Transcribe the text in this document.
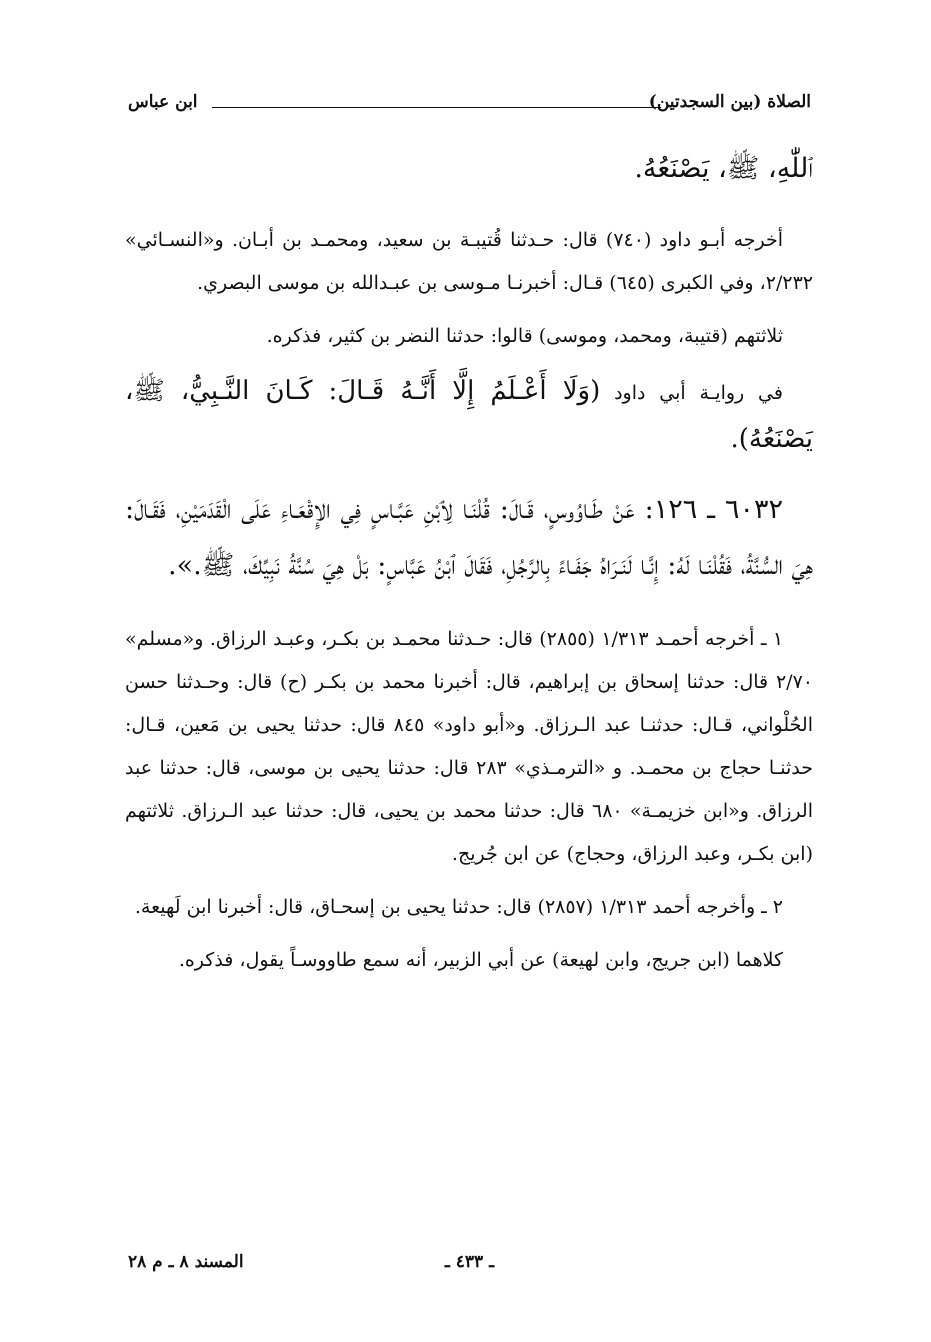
الصلاة (بين السجدتين)
ابن عباس

ٱللّٰهِ، ﷺ، يَصْنَعُهُ.

أخرجه أبـو داود (٧٤٠) قال: حـدثنا قُتيبـة بن سعيد، ومحمـد بن أبـان. و«النسـائي» ٢/٢٣٢، وفي الكبرى (٦٤٥) قـال: أخبرنـا مـوسى بن عبـدالله بن موسى البصري.

ثلاثتهم (قتيبة، ومحمد، وموسى) قالوا: حدثنا النضر بن كثير، فذكره.

في روايـة أبي داود (وَلَا أَعْـلَمُ إِلَّا أَنَّـهُ قَـالَ: كَـانَ النَّـبِيُّ، ﷺ، يَصْنَعُهُ).

٦٠٣٢ ـ ١٢٦: عَنْ طَـاوُوسٍ، قَـالَ: قُلْنَـا لِٱبْنِ عَبَّـاسٍ فِي الإِقْعَـاءِ عَلَى الْقَدَمَيْنِ، فَقَـالَ: هِيَ السُّنَّةُ، فَقُلْنَـا لَهُ: إِنَّـا لَنَـرَاهُ جَفَـاءً بِالرَّجُلِ، فَقَالَ ٱبْنُ عَبَّاسٍ: بَلْ هِيَ سُنَّةُ نَبِيِّكَ، ﷺ.».

١ ـ أخرجه أحمـد ١/٣١٣ (٢٨٥٥) قال: حـدثنا محمـد بن بكـر، وعبـد الرزاق. و«مسلم» ٢/٧٠ قال: حدثنا إسحاق بن إبراهيم، قال: أخبرنا محمد بن بكـر (ح) قال: وحـدثنا حسن الحُلْواني، قـال: حدثنـا عبد الـرزاق. و«أبو داود» ٨٤٥ قال: حدثنا يحيى بن مَعين، قـال: حدثنـا حجاج بن محمـد. و «الترمـذي» ٢٨٣ قال: حدثنا يحيى بن موسى، قال: حدثنا عبد الرزاق. و«ابن خزيمـة» ٦٨٠ قال: حدثنا محمد بن يحيى، قال: حدثنا عبد الـرزاق. ثلاثتهم (ابن بكـر، وعبد الرزاق، وحجاج) عن ابن جُريج.

٢ ـ وأخرجه أحمد ١/٣١٣ (٢٨٥٧) قال: حدثنا يحيى بن إسحـاق، قال: أخبرنا ابن لَهيعة.

كلاهما (ابن جريج، وابن لهيعة) عن أبي الزبير، أنه سمع طاووسـاً يقول، فذكره.

ـ ٤٣٣ ـ
المسند ٨ ـ م ٢٨
